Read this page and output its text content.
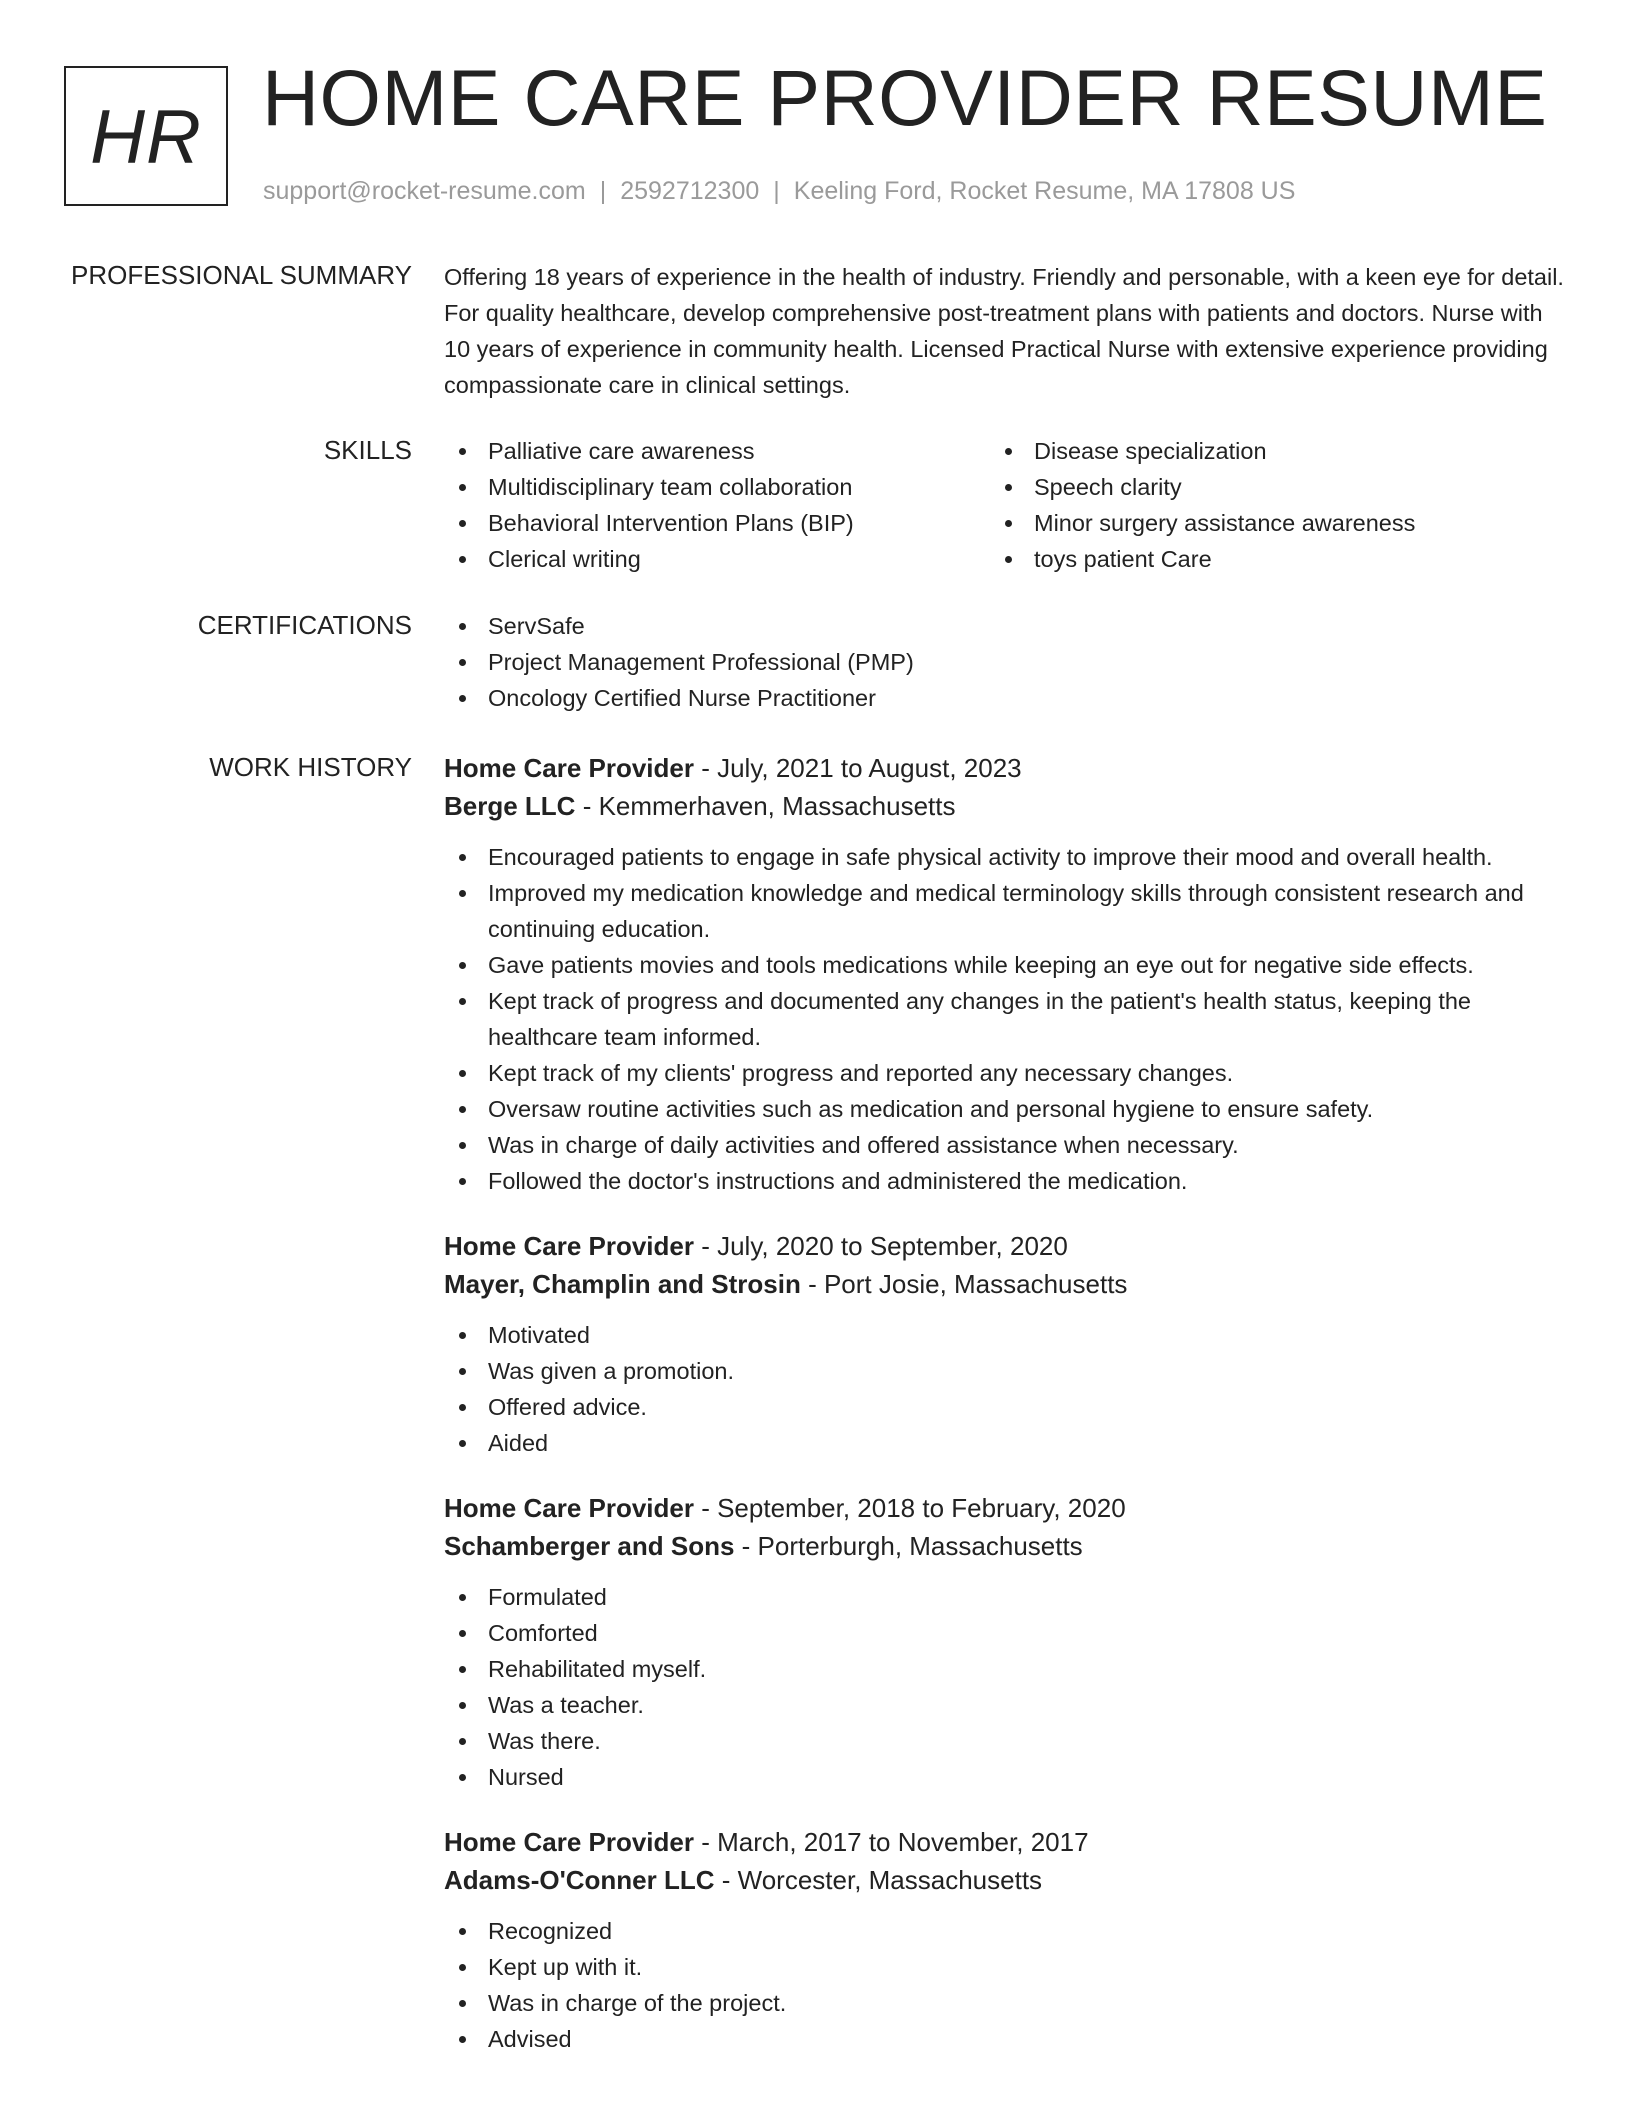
HR HOME CARE PROVIDER RESUME
support@rocket-resume.com | 2592712300 | Keeling Ford, Rocket Resume, MA 17808 US
PROFESSIONAL SUMMARY Offering 18 years of experience in the health of industry. Friendly and personable, with a keen eye for detail. For quality healthcare, develop comprehensive post-treatment plans with patients and doctors. Nurse with 10 years of experience in community health. Licensed Practical Nurse with extensive experience providing compassionate care in clinical settings.

SKILLS	Palliative care awareness
Multidisciplinary team collaboration
Behavioral Intervention Plans (BIP)
Clerical writing
Disease specialization
Speech clarity
Minor surgery assistance awareness
toys patient Care
CERTIFICATIONS	ServSafe
Project Management Professional (PMP)
Oncology Certified Nurse Practitioner
WORK HISTORY Home Care Provider - July, 2021 to August, 2023
Berge LLC - Kemmerhaven, Massachusetts
Encouraged patients to engage in safe physical activity to improve their mood and overall health.
Improved my medication knowledge and medical terminology skills through consistent research and continuing education.
Gave patients movies and tools medications while keeping an eye out for negative side effects.
Kept track of progress and documented any changes in the patient's health status, keeping the healthcare team informed.
Kept track of my clients' progress and reported any necessary changes.
Oversaw routine activities such as medication and personal hygiene to ensure safety.
Was in charge of daily activities and offered assistance when necessary.
Followed the doctor's instructions and administered the medication.
Home Care Provider - July, 2020 to September, 2020
Mayer, Champlin and Strosin - Port Josie, Massachusetts
Motivated
Was given a promotion.
Offered advice.
Aided
Home Care Provider - September, 2018 to February, 2020
Schamberger and Sons - Porterburgh, Massachusetts
Formulated
Comforted
Rehabilitated myself.
Was a teacher.
Was there.
Nursed
Home Care Provider - March, 2017 to November, 2017
Adams-O'Conner LLC - Worcester, Massachusetts
Recognized
Kept up with it.
Was in charge of the project.
Advised
